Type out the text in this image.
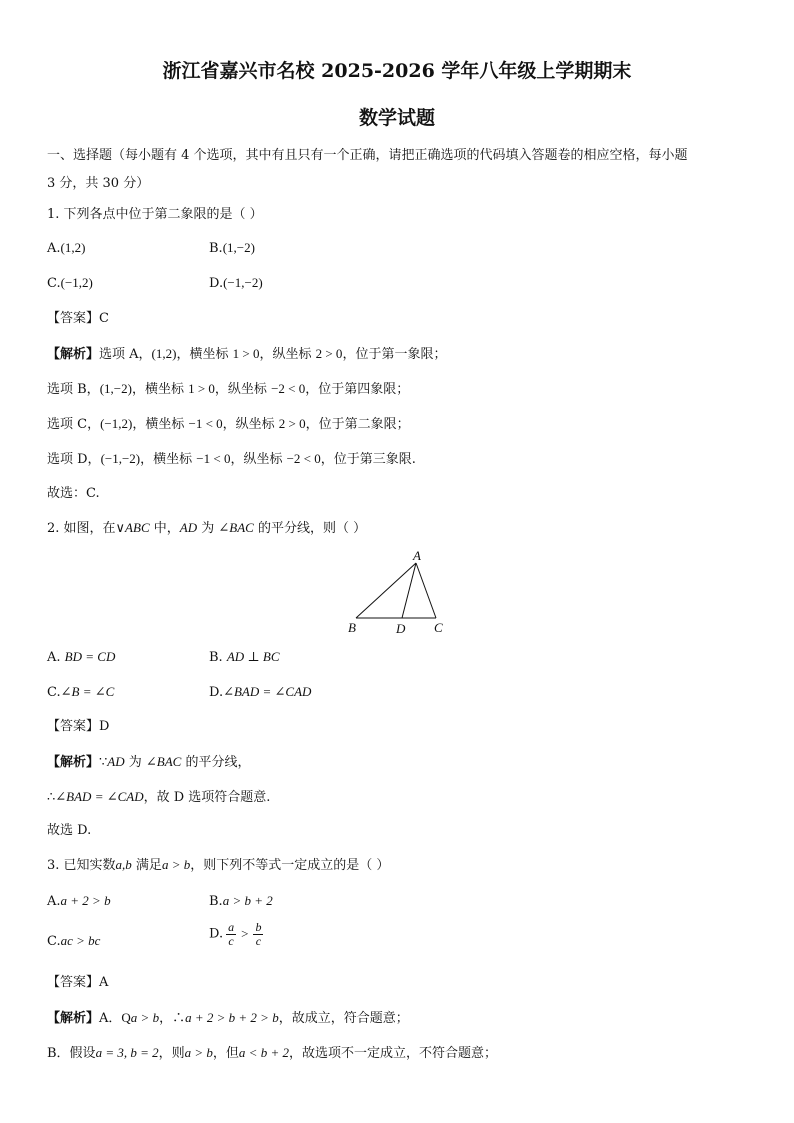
浙江省嘉兴市名校 2025-2026 学年八年级上学期期末
数学试题
一、选择题（每小题有 4 个选项，其中有且只有一个正确，请把正确选项的代码填入答题卷的相应空格，每小题
3 分，共 30 分）
1. 下列各点中位于第二象限的是（ ）
A.(1,2)	B.(1,−2)
C.(−1,2)	D.(−1,−2)
【答案】C
【解析】选项 A，(1,2)，横坐标 1 > 0，纵坐标 2 > 0，位于第一象限；
选项 B，(1,−2)，横坐标 1 > 0，纵坐标 −2 < 0，位于第四象限；
选项 C，(−1,2)，横坐标 −1 < 0，纵坐标 2 > 0，位于第二象限；
选项 D，(−1,−2)，横坐标 −1 < 0，纵坐标 −2 < 0，位于第三象限.
故选：C.
2. 如图，在∨ABC 中，AD 为 ∠BAC 的平分线，则（ ）
A
B	D C
A. BD = CD	B. AD ⊥ BC
C.∠B = ∠C	D.∠BAD = ∠CAD
【答案】D
【解析】∵AD 为 ∠BAC 的平分线，
∴∠BAD = ∠CAD，故 D 选项符合题意.
故选 D.
3. 已知实数a,b 满足a > b，则下列不等式一定成立的是（ ）
A.a + 2 > b	B.a > b + 2
C.ac > bc	D. $\frac{a}{c} > \frac{b}{c}$
【答案】A
【解析】A．Qa > b，∴a + 2 > b + 2 > b，故成立，符合题意；
B．假设a = 3, b = 2，则a > b，但a < b + 2，故选项不一定成立，不符合题意；
